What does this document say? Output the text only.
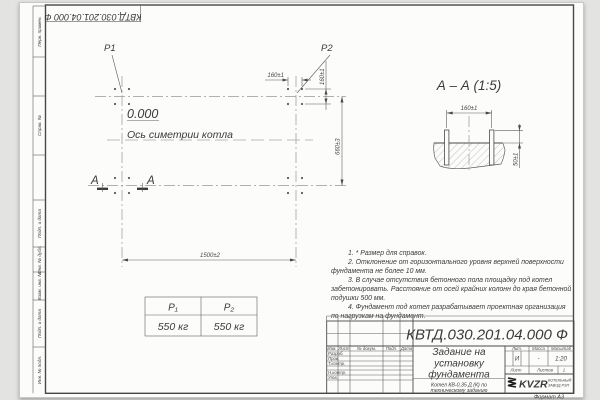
Перв. примен.
Справ. №
Подп. и дата
Инв. № дубл.
Взам. инв. №
Подп. и дата
Инв. № подл.
КВТД.030.201.04.000 Ф
Р1	Р2
0.000
Ось симетрии котла
160±1	160±1
660±3
1500±2
А	А
А – А (1:5)
160±1
50±1
Р₁	Р₂
550 кг 550 кг
1. * Размер для справок.
2. Отклонение от горизонтального уровня верхней поверхности
фундамента не более 10 мм.
3. В случае отсутствия бетонного пола площадку под котел
забетонировать. Расстояние от осей крайних колонн до края бетонной
подушки 500 мм.
4. Фундамент под котел разрабатывает проектная организация
по нагрузкам на фундамент.
КВТД.030.201.04.000 Ф
Изм. Лист № докум. Подп. Дата
Разраб.
Пров.
Т.контр.
Н.контр.
Утв.
Задание на
установку
фундамента
Котел КВ-0,35 Д (К) по
техническому заданию
Лит. Масса Масштаб
И	-	1:20
Лист	Листов 1
KVZR КОТЕЛЬНЫЙ
ЗАВОД РЭП
Формат А3
